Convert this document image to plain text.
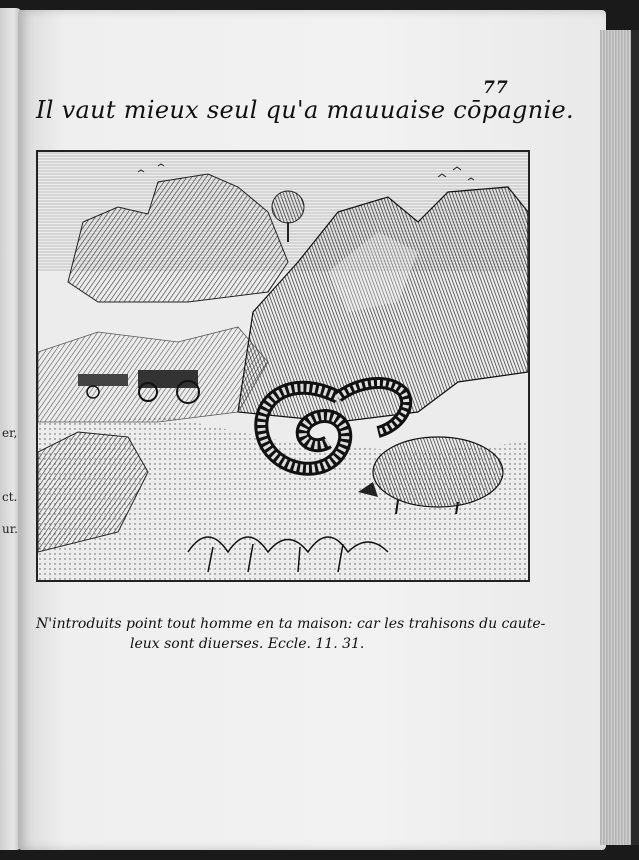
er,
ct.
ur.
77
Il vaut mieux seul qu'a mauuaise cōpagnie.
N'introduits point tout homme en ta maison: car les trahisons du caute-
leux sont diuerses. Eccle. 11. 31.
